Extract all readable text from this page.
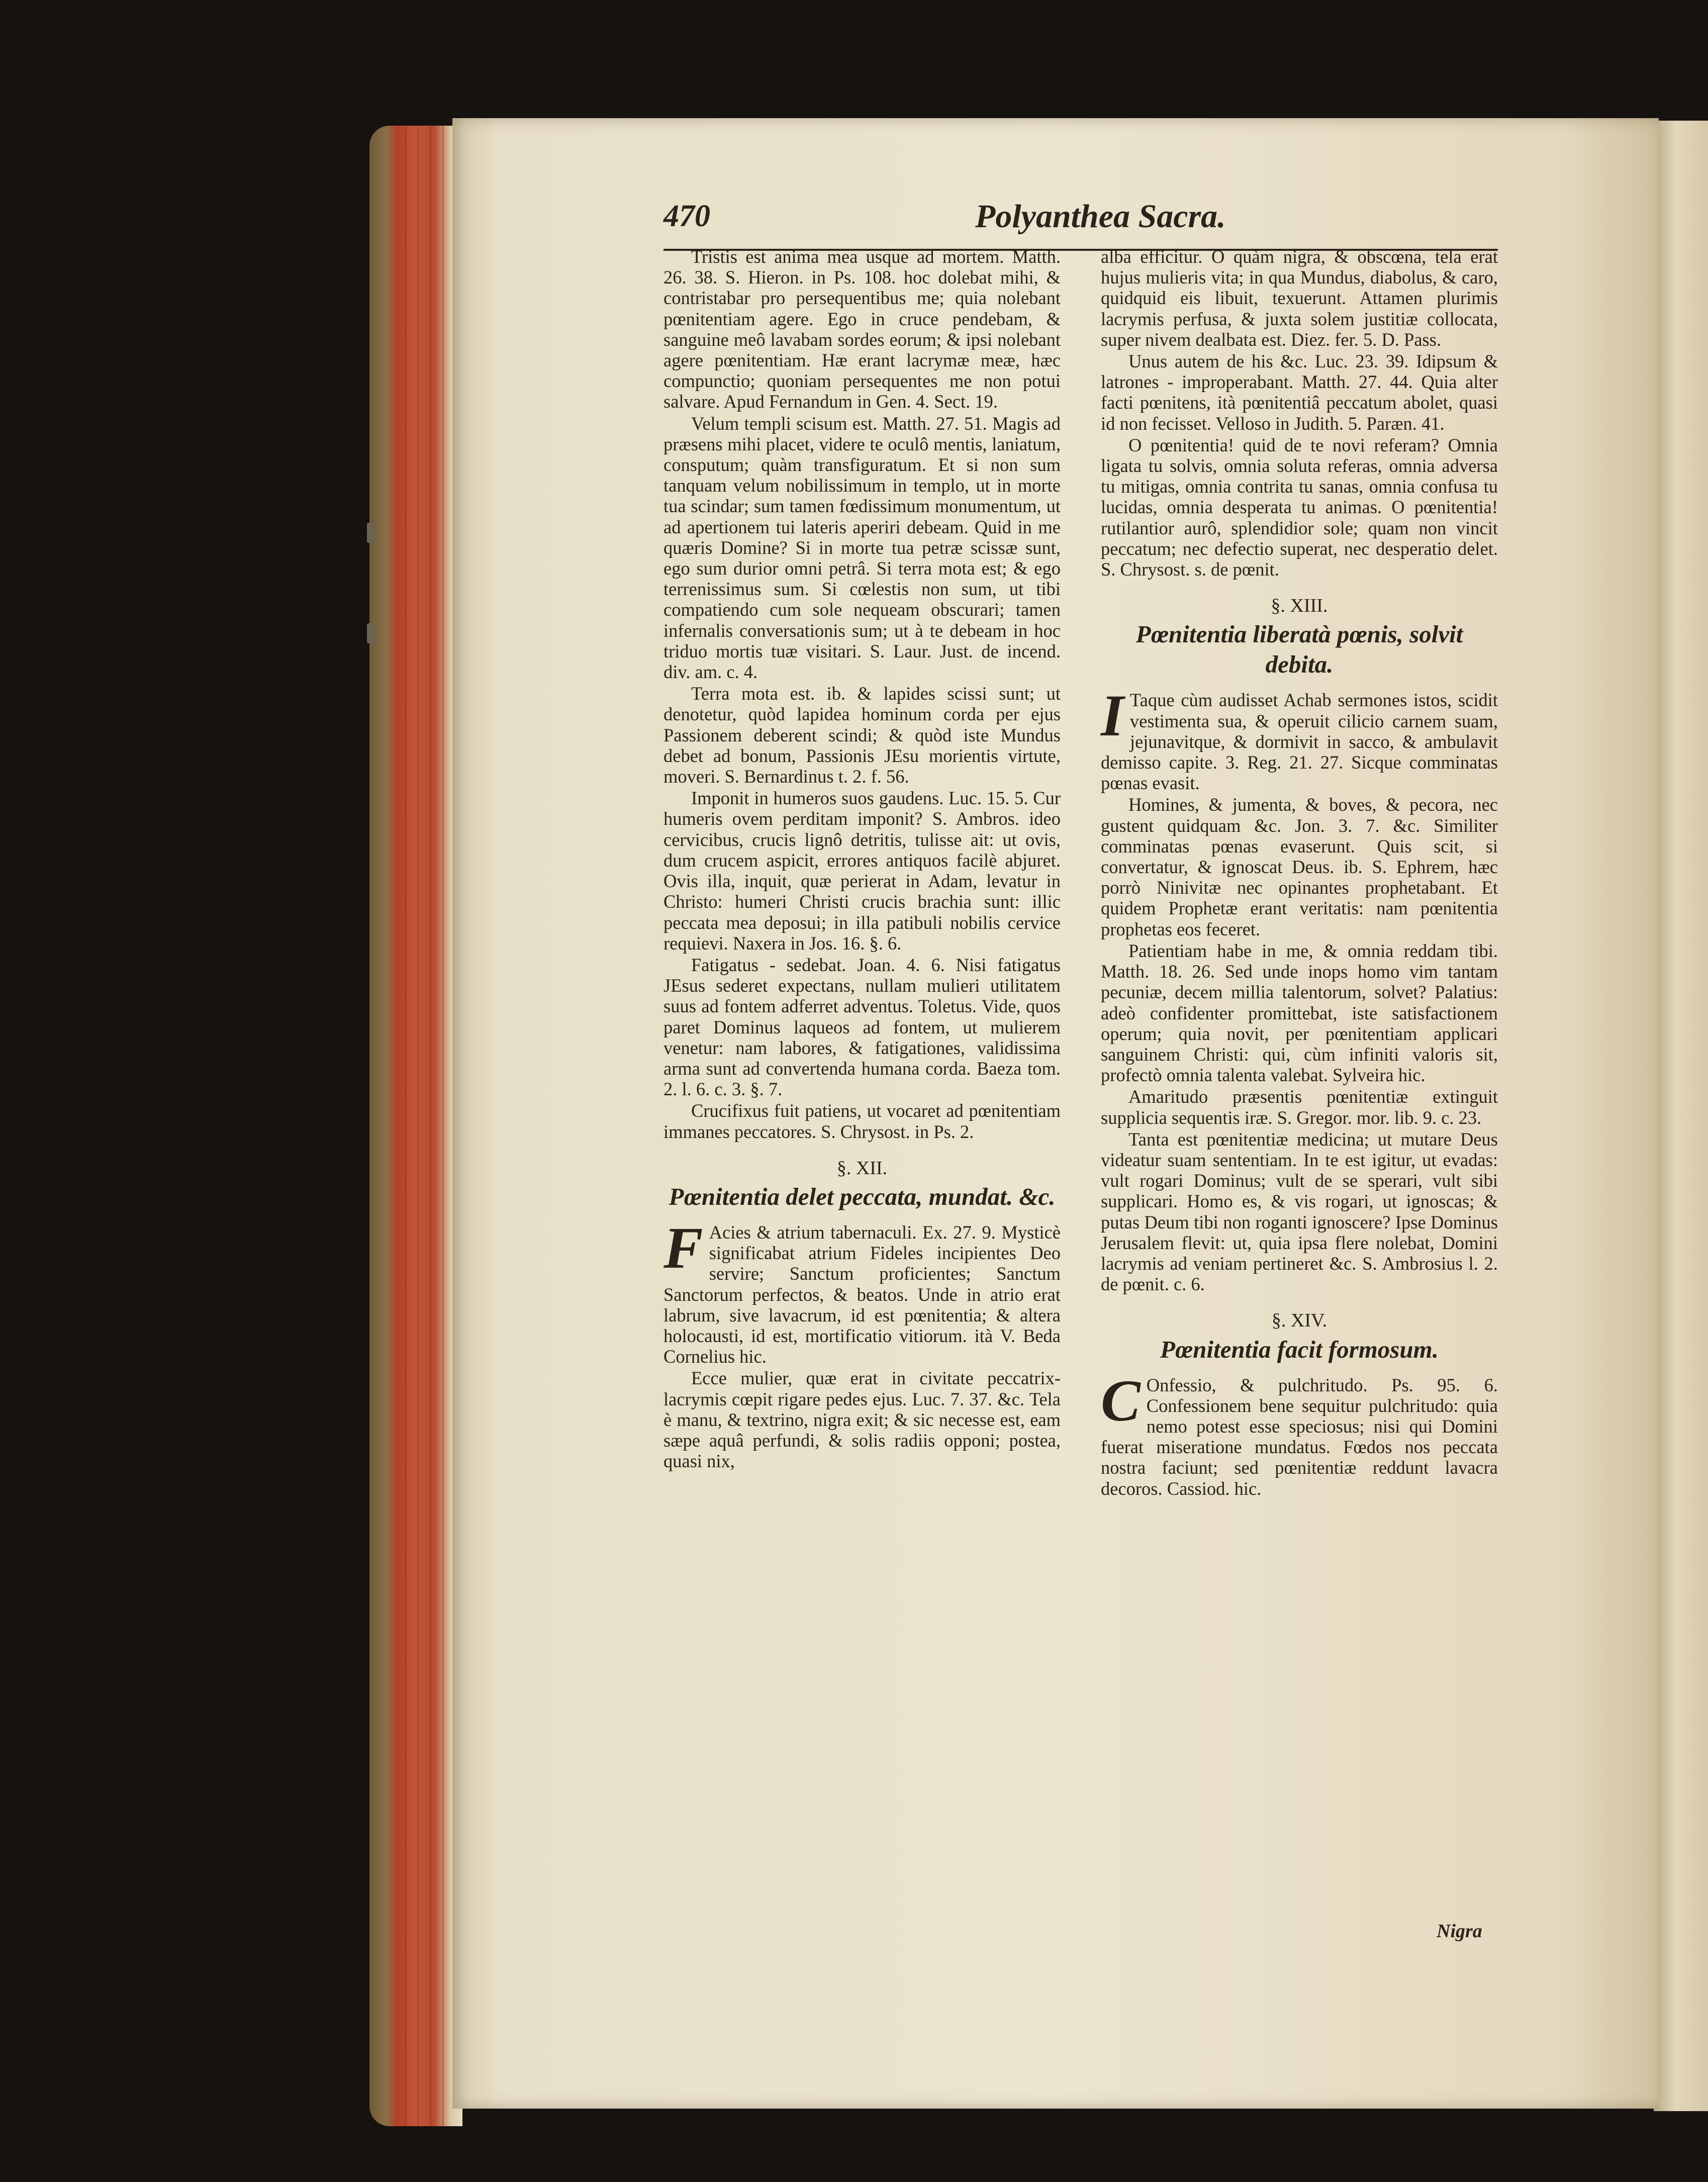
470	Polyanthea Sacra.

Tristis est anima mea usque ad mortem. Matth. 26. 38. S. Hieron. in Ps. 108. hoc dolebat mihi, & contristabar pro persequentibus me; quia nolebant pœnitentiam agere. Ego in cruce pendebam, & sanguine meô lavabam sordes eorum; & ipsi nolebant agere pœnitentiam. Hæ erant lacrymæ meæ, hæc compunctio; quoniam persequentes me non potui salvare. Apud Fernandum in Gen. 4. Sect. 19.

Velum templi scisum est. Matth. 27. 51. Magis ad præsens mihi placet, videre te oculô mentis, laniatum, consputum; quàm transfiguratum. Et si non sum tanquam velum nobilissimum in templo, ut in morte tua scindar; sum tamen fœdissimum monumentum, ut ad apertionem tui lateris aperiri debeam. Quid in me quæris Domine? Si in morte tua petræ scissæ sunt, ego sum durior omni petrâ. Si terra mota est; & ego terrenissimus sum. Si cœlestis non sum, ut tibi compatiendo cum sole nequeam obscurari; tamen infernalis conversationis sum; ut à te debeam in hoc triduo mortis tuæ visitari. S. Laur. Just. de incend. div. am. c. 4.

Terra mota est. ib. & lapides scissi sunt; ut denotetur, quòd lapidea hominum corda per ejus Passionem deberent scindi; & quòd iste Mundus debet ad bonum, Passionis JEsu morientis virtute, moveri. S. Bernardinus t. 2. f. 56.

Imponit in humeros suos gaudens. Luc. 15. 5. Cur humeris ovem perditam imponit? S. Ambros. ideo cervicibus, crucis lignô detritis, tulisse ait: ut ovis, dum crucem aspicit, errores antiquos facilè abjuret. Ovis illa, inquit, quæ perierat in Adam, levatur in Christo: humeri Christi crucis brachia sunt: illic peccata mea deposui; in illa patibuli nobilis cervice requievi. Naxera in Jos. 16. §. 6.

Fatigatus - sedebat. Joan. 4. 6. Nisi fatigatus JEsus sederet expectans, nullam mulieri utilitatem suus ad fontem adferret adventus. Toletus. Vide, quos paret Dominus laqueos ad fontem, ut mulierem venetur: nam labores, & fatigationes, validissima arma sunt ad convertenda humana corda. Baeza tom. 2. l. 6. c. 3. §. 7.

Crucifixus fuit patiens, ut vocaret ad pœnitentiam immanes peccatores. S. Chrysost. in Ps. 2.

§. XII.
Pœnitentia delet peccata, mundat. &c.

F Acies & atrium tabernaculi. Ex. 27. 9. Mysticè significabat atrium Fideles incipientes Deo servire; Sanctum proficientes; Sanctum Sanctorum perfectos, & beatos. Unde in atrio erat labrum, sive lavacrum, id est pœnitentia; & altera holocausti, id est, mortificatio vitiorum. ità V. Beda Cornelius hic.

Ecce mulier, quæ erat in civitate peccatrix-lacrymis cœpit rigare pedes ejus. Luc. 7. 37. &c. Tela è manu, & textrino, nigra exit; & sic necesse est, eam sæpe aquâ perfundi, & solis radiis opponi; postea, quasi nix,

alba efficitur. O quàm nigra, & obscœna, tela erat hujus mulieris vita; in qua Mundus, diabolus, & caro, quidquid eis libuit, texuerunt. Attamen plurimis lacrymis perfusa, & juxta solem justitiæ collocata, super nivem dealbata est. Diez. fer. 5. D. Pass.

Unus autem de his &c. Luc. 23. 39. Idipsum & latrones - improperabant. Matth. 27. 44. Quia alter facti pœnitens, ità pœnitentiâ peccatum abolet, quasi id non fecisset. Velloso in Judith. 5. Paræn. 41.

O pœnitentia! quid de te novi referam? Omnia ligata tu solvis, omnia soluta referas, omnia adversa tu mitigas, omnia contrita tu sanas, omnia confusa tu lucidas, omnia desperata tu animas. O pœnitentia! rutilantior aurô, splendidior sole; quam non vincit peccatum; nec defectio superat, nec desperatio delet. S. Chrysost. s. de pœnit.

§. XIII.
Pœnitentia liberatà pœnis, solvit debita.

I Taque cùm audisset Achab sermones istos, scidit vestimenta sua, & operuit cilicio carnem suam, jejunavitque, & dormivit in sacco, & ambulavit demisso capite. 3. Reg. 21. 27. Sicque comminatas pœnas evasit.

Homines, & jumenta, & boves, & pecora, nec gustent quidquam &c. Jon. 3. 7. &c. Similiter comminatas pœnas evaserunt. Quis scit, si convertatur, & ignoscat Deus. ib. S. Ephrem, hæc porrò Ninivitæ nec opinantes prophetabant. Et quidem Prophetæ erant veritatis: nam pœnitentia prophetas eos feceret.

Patientiam habe in me, & omnia reddam tibi. Matth. 18. 26. Sed unde inops homo vim tantam pecuniæ, decem millia talentorum, solvet? Palatius: adeò confidenter promittebat, iste satisfactionem operum; quia novit, per pœnitentiam applicari sanguinem Christi: qui, cùm infiniti valoris sit, profectò omnia talenta valebat. Sylveira hic.

Amaritudo præsentis pœnitentiæ extinguit supplicia sequentis iræ. S. Gregor. mor. lib. 9. c. 23.

Tanta est pœnitentiæ medicina; ut mutare Deus videatur suam sententiam. In te est igitur, ut evadas: vult rogari Dominus; vult de se sperari, vult sibi supplicari. Homo es, & vis rogari, ut ignoscas; & putas Deum tibi non roganti ignoscere? Ipse Dominus Jerusalem flevit: ut, quia ipsa flere nolebat, Domini lacrymis ad veniam pertineret &c. S. Ambrosius l. 2. de pœnit. c. 6.

§. XIV.
Pœnitentia facit formosum.

C Onfessio, & pulchritudo. Ps. 95. 6. Confessionem bene sequitur pulchritudo: quia nemo potest esse speciosus; nisi qui Domini fuerat miseratione mundatus. Fœdos nos peccata nostra faciunt; sed pœnitentiæ reddunt lavacra decoros. Cassiod. hic.

Nigra
